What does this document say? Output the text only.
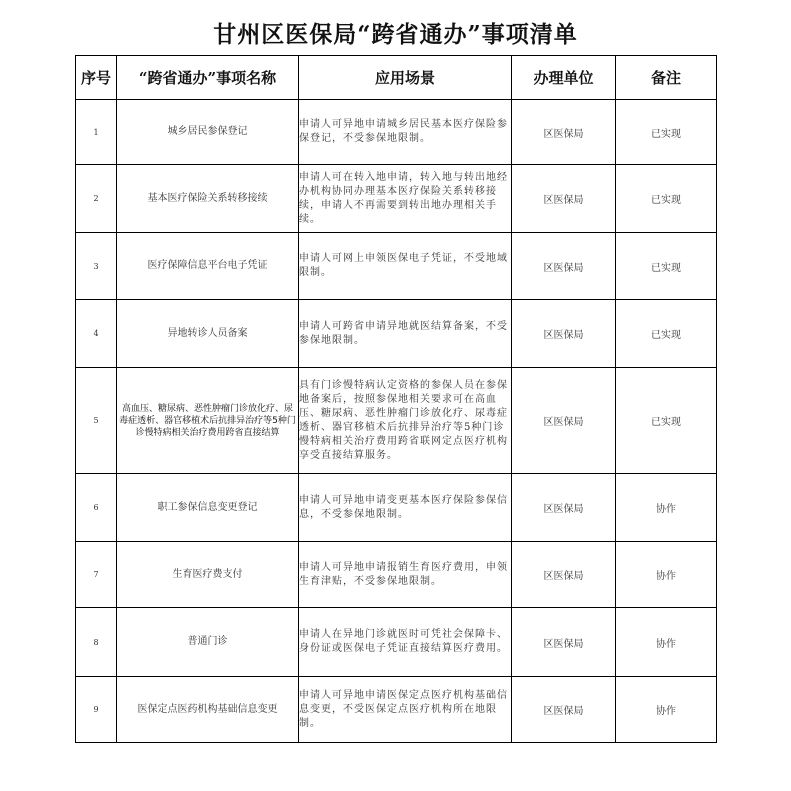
甘州区医保局“跨省通办”事项清单
序号	“跨省通办”事项名称	应用场景	办理单位	备注
1	城乡居民参保登记	申请人可异地申请城乡居民基本医疗保险参保登记，不受参保地限制。	区医保局	已实现
2	基本医疗保险关系转移接续	申请人可在转入地申请，转入地与转出地经办机构协同办理基本医疗保险关系转移接续，申请人不再需要到转出地办理相关手续。	区医保局	已实现
3	医疗保障信息平台电子凭证	申请人可网上申领医保电子凭证，不受地域限制。	区医保局	已实现
4	异地转诊人员备案	申请人可跨省申请异地就医结算备案，不受参保地限制。	区医保局	已实现
5	高血压、糖尿病、恶性肿瘤门诊放化疗、尿毒症透析、器官移植术后抗排异治疗等5种门诊慢特病相关治疗费用跨省直接结算	具有门诊慢特病认定资格的参保人员在参保地备案后，按照参保地相关要求可在高血压、糖尿病、恶性肿瘤门诊放化疗、尿毒症透析、器官移植术后抗排异治疗等5种门诊慢特病相关治疗费用跨省联网定点医疗机构享受直接结算服务。	区医保局	已实现
6	职工参保信息变更登记	申请人可异地申请变更基本医疗保险参保信息，不受参保地限制。	区医保局	协作
7	生育医疗费支付	申请人可异地申请报销生育医疗费用，申领生育津贴，不受参保地限制。	区医保局	协作
8	普通门诊	申请人在异地门诊就医时可凭社会保障卡、身份证或医保电子凭证直接结算医疗费用。	区医保局	协作
9	医保定点医药机构基础信息变更	申请人可异地申请医保定点医疗机构基础信息变更，不受医保定点医疗机构所在地限制。	区医保局	协作
